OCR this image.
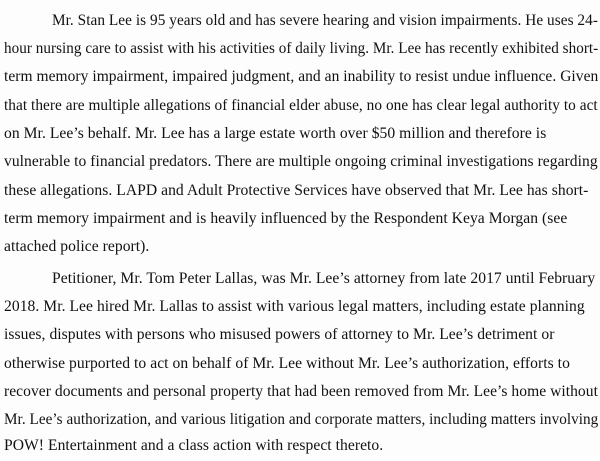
Mr. Stan Lee is 95 years old and has severe hearing and vision impairments. He uses 24-
hour nursing care to assist with his activities of daily living. Mr. Lee has recently exhibited short-
term memory impairment, impaired judgment, and an inability to resist undue influence. Given
that there are multiple allegations of financial elder abuse, no one has clear legal authority to act
on Mr. Lee’s behalf. Mr. Lee has a large estate worth over $50 million and therefore is
vulnerable to financial predators. There are multiple ongoing criminal investigations regarding
these allegations. LAPD and Adult Protective Services have observed that Mr. Lee has short-
term memory impairment and is heavily influenced by the Respondent Keya Morgan (see
attached police report).
Petitioner, Mr. Tom Peter Lallas, was Mr. Lee’s attorney from late 2017 until February
2018. Mr. Lee hired Mr. Lallas to assist with various legal matters, including estate planning
issues, disputes with persons who misused powers of attorney to Mr. Lee’s detriment or
otherwise purported to act on behalf of Mr. Lee without Mr. Lee’s authorization, efforts to
recover documents and personal property that had been removed from Mr. Lee’s home without
Mr. Lee’s authorization, and various litigation and corporate matters, including matters involving
POW! Entertainment and a class action with respect thereto.
